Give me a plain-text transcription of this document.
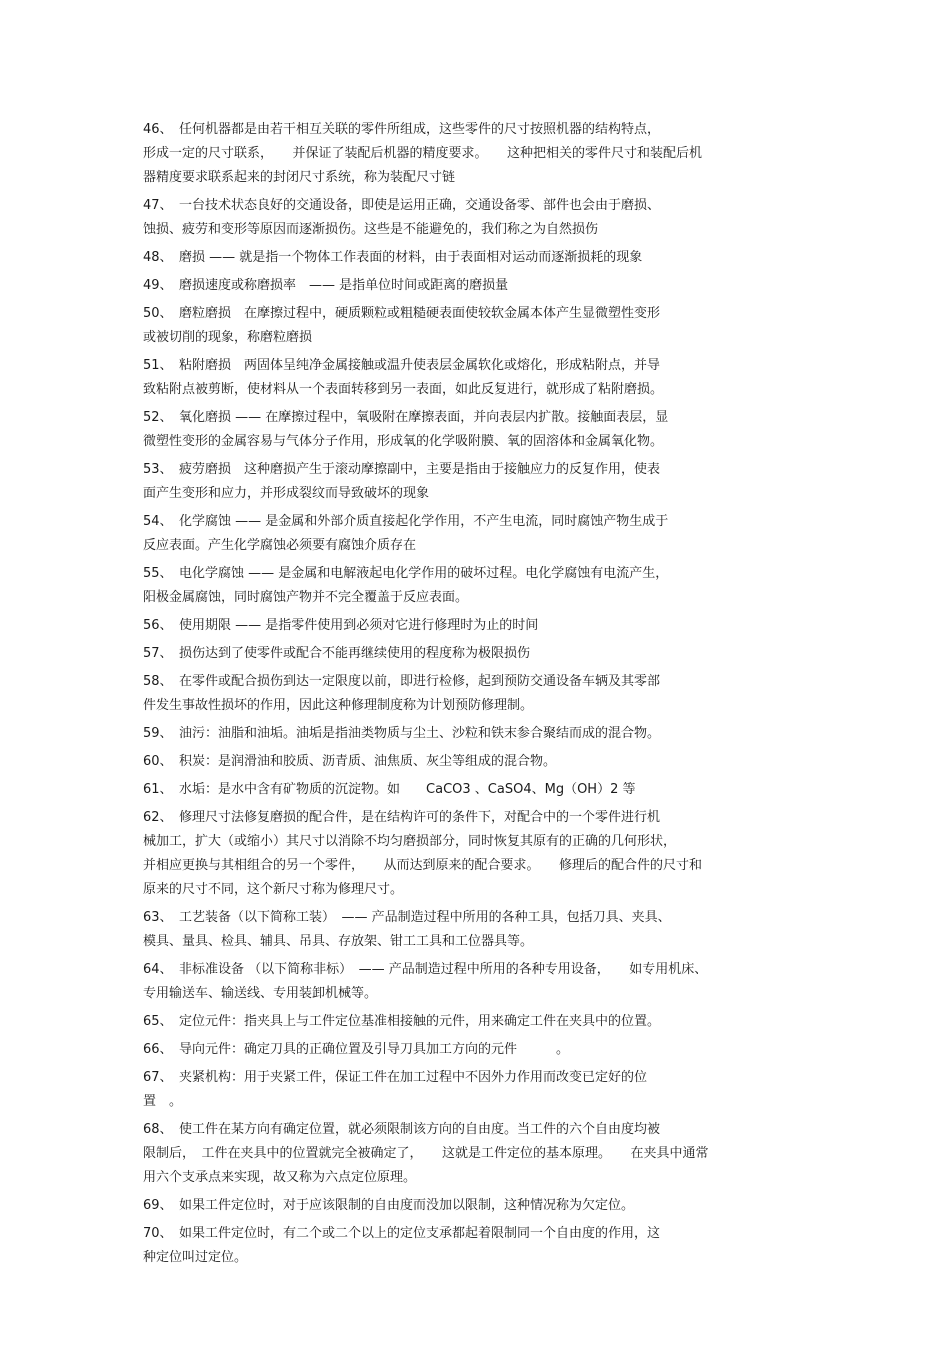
46、　任何机器都是由若干相互关联的零件所组成，这些零件的尺寸按照机器的结构特点，
形成一定的尺寸联系，　　并保证了装配后机器的精度要求。　　这种把相关的零件尺寸和装配后机
器精度要求联系起来的封闭尺寸系统，称为装配尺寸链
47、　一台技术状态良好的交通设备，即使是运用正确，交通设备零、部件也会由于磨损、
蚀损、疲劳和变形等原因而逐渐损伤。这些是不能避免的，我们称之为自然损伤
48、　磨损 —— 就是指一个物体工作表面的材料，由于表面相对运动而逐渐损耗的现象
49、　磨损速度或称磨损率　—— 是指单位时间或距离的磨损量
50、　磨粒磨损　在摩擦过程中，硬质颗粒或粗糙硬表面使较软金属本体产生显微塑性变形
或被切削的现象，称磨粒磨损
51、　粘附磨损　两固体呈纯净金属接触或温升使表层金属软化或熔化，形成粘附点，并导
致粘附点被剪断，使材料从一个表面转移到另一表面，如此反复进行，就形成了粘附磨损。
52、　氧化磨损 —— 在摩擦过程中，氧吸附在摩擦表面，并向表层内扩散。接触面表层，显
微塑性变形的金属容易与气体分子作用，形成氧的化学吸附膜、氧的固溶体和金属氧化物。
53、　疲劳磨损　这种磨损产生于滚动摩擦副中，主要是指由于接触应力的反复作用，使表
面产生变形和应力，并形成裂纹而导致破坏的现象
54、　化学腐蚀 —— 是金属和外部介质直接起化学作用，不产生电流，同时腐蚀产物生成于
反应表面。产生化学腐蚀必须要有腐蚀介质存在
55、　电化学腐蚀 —— 是金属和电解液起电化学作用的破坏过程。电化学腐蚀有电流产生，
阳极金属腐蚀，同时腐蚀产物并不完全覆盖于反应表面。
56、　使用期限 —— 是指零件使用到必须对它进行修理时为止的时间
57、　损伤达到了使零件或配合不能再继续使用的程度称为极限损伤
58、　在零件或配合损伤到达一定限度以前，即进行检修，起到预防交通设备车辆及其零部
件发生事故性损坏的作用，因此这种修理制度称为计划预防修理制。
59、　油污：油脂和油垢。油垢是指油类物质与尘土、沙粒和铁末参合聚结而成的混合物。
60、　积炭：是润滑油和胶质、沥青质、油焦质、灰尘等组成的混合物。
61、　水垢：是水中含有矿物质的沉淀物。如　　CaCO3 、CaSO4、Mg（OH）2 等
62、　修理尺寸法修复磨损的配合件，是在结构许可的条件下，对配合中的一个零件进行机
械加工，扩大（或缩小）其尺寸以消除不均匀磨损部分，同时恢复其原有的正确的几何形状，
并相应更换与其相组合的另一个零件，　　从而达到原来的配合要求。　　修理后的配合件的尺寸和
原来的尺寸不同，这个新尺寸称为修理尺寸。
63、　工艺装备（以下简称工装）　—— 产品制造过程中所用的各种工具，包括刀具、夹具、
模具、量具、检具、辅具、吊具、存放架、钳工工具和工位器具等。
64、　非标准设备 （以下简称非标）　—— 产品制造过程中所用的各种专用设备，　　如专用机床、
专用输送车、输送线、专用装卸机械等。
65、　定位元件：指夹具上与工件定位基准相接触的元件，用来确定工件在夹具中的位置。
66、　导向元件：确定刀具的正确位置及引导刀具加工方向的元件　　　。
67、　夹紧机构：用于夹紧工件，保证工件在加工过程中不因外力作用而改变已定好的位
置　。
68、　使工件在某方向有确定位置，就必须限制该方向的自由度。当工件的六个自由度均被
限制后，　工件在夹具中的位置就完全被确定了，　　这就是工件定位的基本原理。　　在夹具中通常
用六个支承点来实现，故又称为六点定位原理。
69、　如果工件定位时，对于应该限制的自由度而没加以限制，这种情况称为欠定位。
70、　如果工件定位时，有二个或二个以上的定位支承都起着限制同一个自由度的作用，这
种定位叫过定位。
